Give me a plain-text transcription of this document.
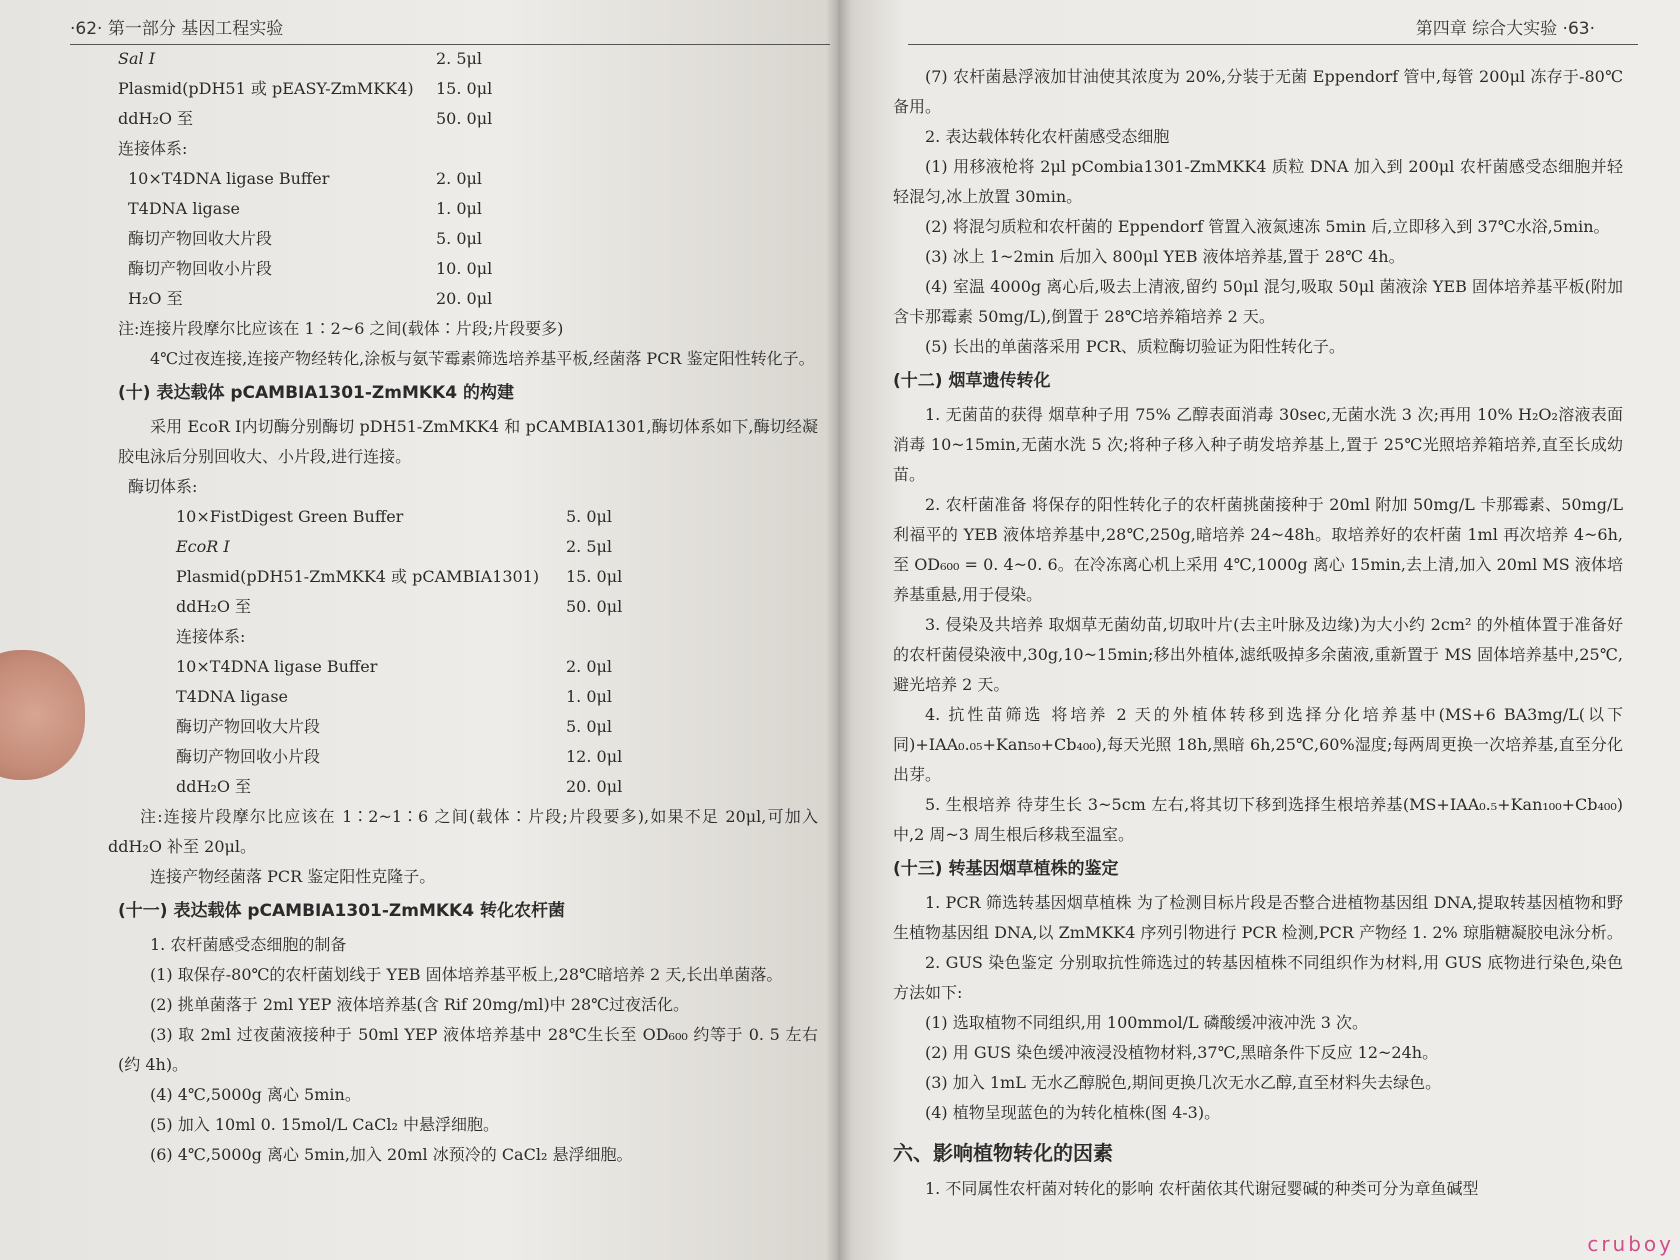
·62· 第一部分 基因工程实验
Sal Ⅰ	2. 5μl
Plasmid(pDH51 或 pEASY-ZmMKK4)	15. 0μl
ddH₂O 至	50. 0μl
连接体系:
10×T4DNA ligase Buffer	2. 0μl
T4DNA ligase	1. 0μl
酶切产物回收大片段	5. 0μl
酶切产物回收小片段	10. 0μl
H₂O 至	20. 0μl

注:连接片段摩尔比应该在 1∶2~6 之间(载体∶片段;片段要多)

4℃过夜连接,连接产物经转化,涂板与氨苄霉素筛选培养基平板,经菌落 PCR 鉴定阳性转化子。

(十) 表达载体 pCAMBIA1301-ZmMKK4 的构建

采用 EcoR Ⅰ内切酶分别酶切 pDH51-ZmMKK4 和 pCAMBIA1301,酶切体系如下,酶切经凝胶电泳后分别回收大、小片段,进行连接。

酶切体系:
10×FistDigest Green Buffer	5. 0μl
EcoR Ⅰ	2. 5μl
Plasmid(pDH51-ZmMKK4 或 pCAMBIA1301)	15. 0μl
ddH₂O 至	50. 0μl
连接体系:
10×T4DNA ligase Buffer	2. 0μl
T4DNA ligase	1. 0μl
酶切产物回收大片段	5. 0μl
酶切产物回收小片段	12. 0μl
ddH₂O 至	20. 0μl

注:连接片段摩尔比应该在 1∶2~1∶6 之间(载体∶片段;片段要多),如果不足 20μl,可加入 ddH₂O 补至 20μl。

连接产物经菌落 PCR 鉴定阳性克隆子。

(十一) 表达载体 pCAMBIA1301-ZmMKK4 转化农杆菌

1. 农杆菌感受态细胞的制备

(1) 取保存-80℃的农杆菌划线于 YEB 固体培养基平板上,28℃暗培养 2 天,长出单菌落。

(2) 挑单菌落于 2ml YEP 液体培养基(含 Rif 20mg/ml)中 28℃过夜活化。

(3) 取 2ml 过夜菌液接种于 50ml YEP 液体培养基中 28℃生长至 OD₆₀₀ 约等于 0. 5 左右(约 4h)。

(4) 4℃,5000g 离心 5min。

(5) 加入 10ml 0. 15mol/L CaCl₂ 中悬浮细胞。

(6) 4℃,5000g 离心 5min,加入 20ml 冰预冷的 CaCl₂ 悬浮细胞。

第四章 综合大实验 ·63·

(7) 农杆菌悬浮液加甘油使其浓度为 20%,分装于无菌 Eppendorf 管中,每管 200μl 冻存于-80℃备用。

2. 表达载体转化农杆菌感受态细胞

(1) 用移液枪将 2μl pCombia1301-ZmMKK4 质粒 DNA 加入到 200μl 农杆菌感受态细胞并轻轻混匀,冰上放置 30min。

(2) 将混匀质粒和农杆菌的 Eppendorf 管置入液氮速冻 5min 后,立即移入到 37℃水浴,5min。

(3) 冰上 1~2min 后加入 800μl YEB 液体培养基,置于 28℃ 4h。

(4) 室温 4000g 离心后,吸去上清液,留约 50μl 混匀,吸取 50μl 菌液涂 YEB 固体培养基平板(附加含卡那霉素 50mg/L),倒置于 28℃培养箱培养 2 天。

(5) 长出的单菌落采用 PCR、质粒酶切验证为阳性转化子。

(十二) 烟草遗传转化

1. 无菌苗的获得 烟草种子用 75% 乙醇表面消毒 30sec,无菌水洗 3 次;再用 10% H₂O₂溶液表面消毒 10~15min,无菌水洗 5 次;将种子移入种子萌发培养基上,置于 25℃光照培养箱培养,直至长成幼苗。

2. 农杆菌准备 将保存的阳性转化子的农杆菌挑菌接种于 20ml 附加 50mg/L 卡那霉素、50mg/L 利福平的 YEB 液体培养基中,28℃,250g,暗培养 24~48h。取培养好的农杆菌 1ml 再次培养 4~6h,至 OD₆₀₀ = 0. 4~0. 6。在冷冻离心机上采用 4℃,1000g 离心 15min,去上清,加入 20ml MS 液体培养基重悬,用于侵染。

3. 侵染及共培养 取烟草无菌幼苗,切取叶片(去主叶脉及边缘)为大小约 2cm² 的外植体置于准备好的农杆菌侵染液中,30g,10~15min;移出外植体,滤纸吸掉多余菌液,重新置于 MS 固体培养基中,25℃,避光培养 2 天。

4. 抗性苗筛选 将培养 2 天的外植体转移到选择分化培养基中(MS+6 BA3mg/L(以下同)+IAA₀.₀₅+Kan₅₀+Cb₄₀₀),每天光照 18h,黑暗 6h,25℃,60%湿度;每两周更换一次培养基,直至分化出芽。

5. 生根培养 待芽生长 3~5cm 左右,将其切下移到选择生根培养基(MS+IAA₀.₅+Kan₁₀₀+Cb₄₀₀)中,2 周~3 周生根后移栽至温室。

(十三) 转基因烟草植株的鉴定

1. PCR 筛选转基因烟草植株 为了检测目标片段是否整合进植物基因组 DNA,提取转基因植物和野生植物基因组 DNA,以 ZmMKK4 序列引物进行 PCR 检测,PCR 产物经 1. 2% 琼脂糖凝胶电泳分析。

2. GUS 染色鉴定 分别取抗性筛选过的转基因植株不同组织作为材料,用 GUS 底物进行染色,染色方法如下:

(1) 选取植物不同组织,用 100mmol/L 磷酸缓冲液冲洗 3 次。

(2) 用 GUS 染色缓冲液浸没植物材料,37℃,黑暗条件下反应 12~24h。

(3) 加入 1mL 无水乙醇脱色,期间更换几次无水乙醇,直至材料失去绿色。

(4) 植物呈现蓝色的为转化植株(图 4-3)。

六、影响植物转化的因素

1. 不同属性农杆菌对转化的影响 农杆菌依其代谢冠婴碱的种类可分为章鱼碱型

cruboy
